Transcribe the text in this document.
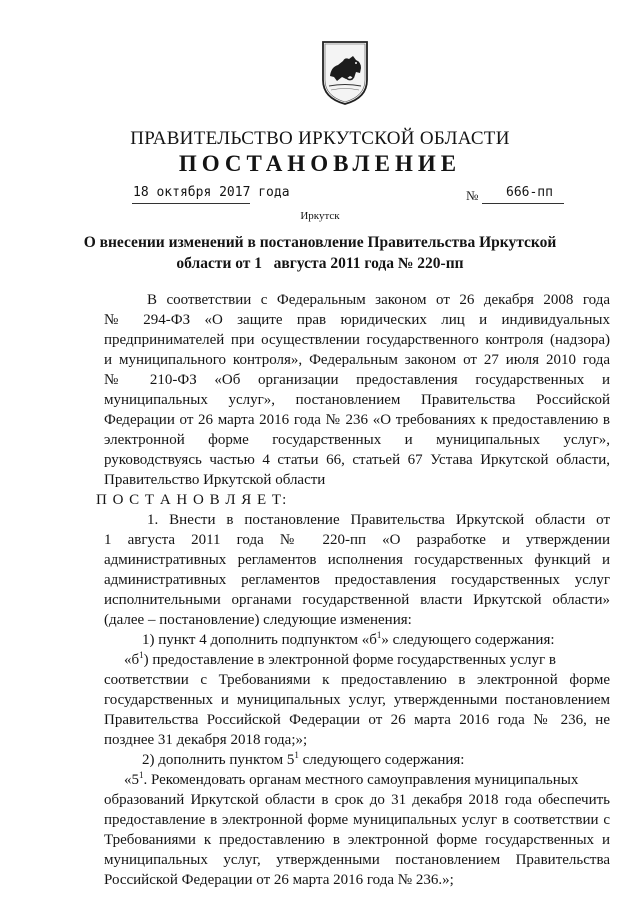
ПРАВИТЕЛЬСТВО ИРКУТСКОЙ ОБЛАСТИ
ПОСТАНОВЛЕНИЕ
18 октября 2017 года	№ 666-пп
Иркутск
О внесении изменений в постановление Правительства Иркутской
области от 1   августа 2011 года № 220-пп
В соответствии с Федеральным законом от 26 декабря 2008 года
№ 294-ФЗ «О защите прав юридических лиц и индивидуальных
предпринимателей при осуществлении государственного контроля (надзора)
и муниципального контроля», Федеральным законом от 27 июля 2010 года
№ 210-ФЗ «Об организации предоставления государственных и
муниципальных услуг», постановлением Правительства Российской
Федерации от 26 марта 2016 года № 236 «О требованиях к предоставлению в
электронной форме государственных и муниципальных услуг»,
руководствуясь частью 4 статьи 66, статьей 67 Устава Иркутской области,
Правительство Иркутской области
П О С Т А Н О В Л Я Е Т:
1. Внести в постановление Правительства Иркутской области от
1 августа 2011 года № 220-пп «О разработке и утверждении
административных регламентов исполнения государственных функций и
административных регламентов предоставления государственных услуг
исполнительными органами государственной власти Иркутской области»
(далее – постановление) следующие изменения:
1) пункт 4 дополнить подпунктом «$б^1$» следующего содержания:
«$б^1$) предоставление в электронной форме государственных услуг в
соответствии с Требованиями к предоставлению в электронной форме
государственных и муниципальных услуг, утвержденными постановлением
Правительства Российской Федерации от 26 марта 2016 года № 236, не
позднее 31 декабря 2018 года;»;
2) дополнить пунктом $5^1$ следующего содержания:
«$5^1$. Рекомендовать органам местного самоуправления муниципальных
образований Иркутской области в срок до 31 декабря 2018 года обеспечить
предоставление в электронной форме муниципальных услуг в соответствии с
Требованиями к предоставлению в электронной форме государственных и
муниципальных услуг, утвержденными постановлением Правительства
Российской Федерации от 26 марта 2016 года № 236.»;
